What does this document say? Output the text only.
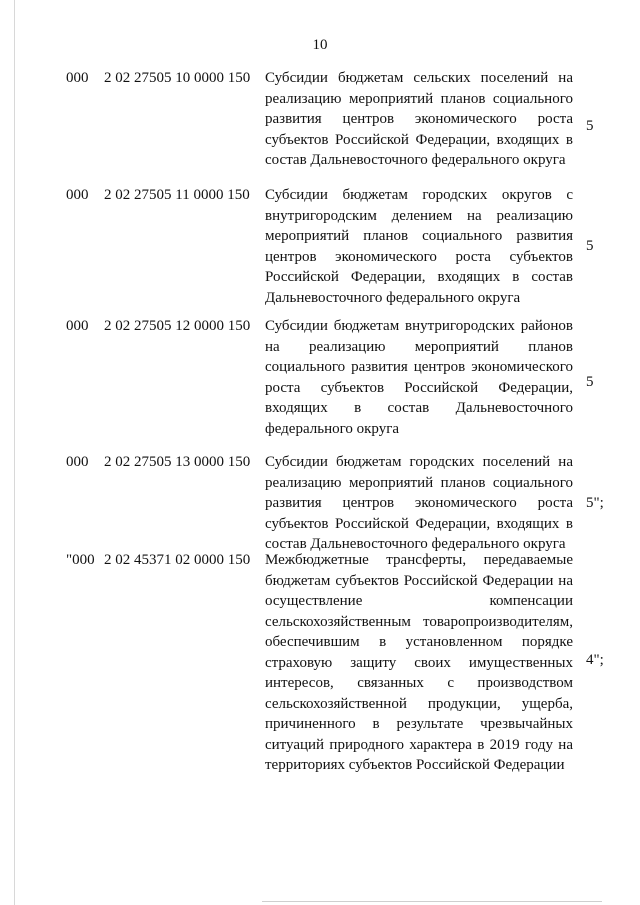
10
000 2 02 27505 10 0000 150 Субсидии бюджетам сельских поселений на реализацию мероприятий планов социального развития центров экономического роста субъектов Российской Федерации, входящих в состав Дальневосточного федерального округа
5
000 2 02 27505 11 0000 150 Субсидии бюджетам городских округов с внутригородским делением на реализацию мероприятий планов социального развития центров экономического роста субъектов Российской Федерации, входящих в состав Дальневосточного федерального округа
5
000 2 02 27505 12 0000 150 Субсидии бюджетам внутригородских районов на реализацию мероприятий планов социального развития центров экономического роста субъектов Российской Федерации, входящих в состав Дальневосточного федерального округа
5
000 2 02 27505 13 0000 150 Субсидии бюджетам городских поселений на реализацию мероприятий планов социального развития центров экономического роста субъектов Российской Федерации, входящих в состав Дальневосточного федерального округа
5";
"000 2 02 45371 02 0000 150 Межбюджетные трансферты, передаваемые бюджетам субъектов Российской Федерации на осуществление компенсации сельскохозяйственным товаропроизводителям, обеспечившим в установленном порядке страховую защиту своих имущественных интересов, связанных с производством сельскохозяйственной продукции, ущерба, причиненного в результате чрезвычайных ситуаций природного характера в 2019 году на территориях субъектов Российской Федерации
4";
